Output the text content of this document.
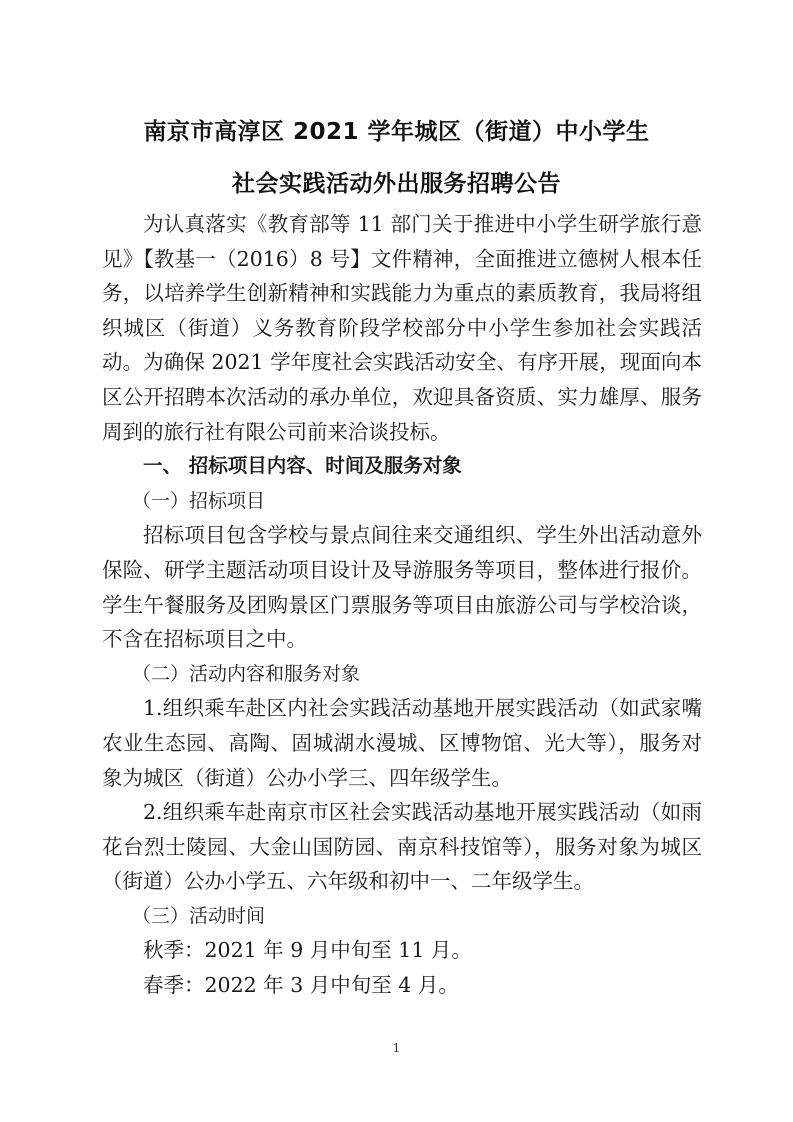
南京市高淳区 2021 学年城区（街道）中小学生
社会实践活动外出服务招聘公告

为认真落实《教育部等 11 部门关于推进中小学生研学旅行意见》【教基一（2016）8 号】文件精神，全面推进立德树人根本任务，以培养学生创新精神和实践能力为重点的素质教育，我局将组织城区（街道）义务教育阶段学校部分中小学生参加社会实践活动。为确保 2021 学年度社会实践活动安全、有序开展，现面向本区公开招聘本次活动的承办单位，欢迎具备资质、实力雄厚、服务周到的旅行社有限公司前来洽谈投标。

一、 招标项目内容、时间及服务对象

（一）招标项目

招标项目包含学校与景点间往来交通组织、学生外出活动意外保险、研学主题活动项目设计及导游服务等项目，整体进行报价。学生午餐服务及团购景区门票服务等项目由旅游公司与学校洽谈，不含在招标项目之中。

（二）活动内容和服务对象

1.组织乘车赴区内社会实践活动基地开展实践活动（如武家嘴农业生态园、高陶、固城湖水漫城、区博物馆、光大等），服务对象为城区（街道）公办小学三、四年级学生。

2.组织乘车赴南京市区社会实践活动基地开展实践活动（如雨花台烈士陵园、大金山国防园、南京科技馆等），服务对象为城区（街道）公办小学五、六年级和初中一、二年级学生。

（三）活动时间

秋季：2021 年 9 月中旬至 11 月。

春季：2022 年 3 月中旬至 4 月。

1
